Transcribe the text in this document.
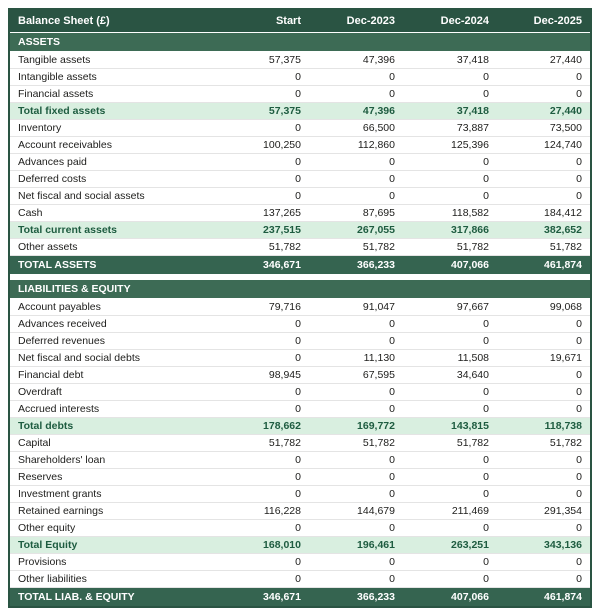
Balance Sheet (£)	Start	Dec-2023	Dec-2024	Dec-2025
ASSETS				
Tangible assets	57,375	47,396	37,418	27,440
Intangible assets	0	0	0	0
Financial assets	0	0	0	0
Total fixed assets	57,375	47,396	37,418	27,440
Inventory	0	66,500	73,887	73,500
Account receivables	100,250	112,860	125,396	124,740
Advances paid	0	0	0	0
Deferred costs	0	0	0	0
Net fiscal and social assets	0	0	0	0
Cash	137,265	87,695	118,582	184,412
Total current assets	237,515	267,055	317,866	382,652
Other assets	51,782	51,782	51,782	51,782
TOTAL ASSETS	346,671	366,233	407,066	461,874

LIABILITIES & EQUITY				
Account payables	79,716	91,047	97,667	99,068
Advances received	0	0	0	0
Deferred revenues	0	0	0	0
Net fiscal and social debts	0	11,130	11,508	19,671
Financial debt	98,945	67,595	34,640	0
Overdraft	0	0	0	0
Accrued interests	0	0	0	0
Total debts	178,662	169,772	143,815	118,738
Capital	51,782	51,782	51,782	51,782
Shareholders' loan	0	0	0	0
Reserves	0	0	0	0
Investment grants	0	0	0	0
Retained earnings	116,228	144,679	211,469	291,354
Other equity	0	0	0	0
Total Equity	168,010	196,461	263,251	343,136
Provisions	0	0	0	0
Other liabilities	0	0	0	0
TOTAL LIAB. & EQUITY	346,671	366,233	407,066	461,874
